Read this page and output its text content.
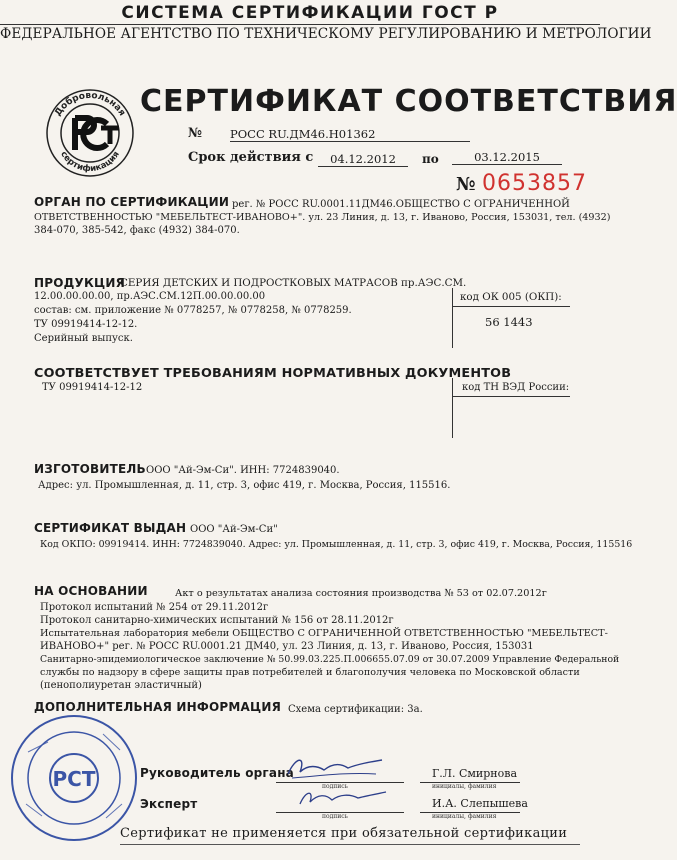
СИСТЕМА СЕРТИФИКАЦИИ ГОСТ Р
ФЕДЕРАЛЬНОЕ АГЕНТСТВО ПО ТЕХНИЧЕСКОМУ РЕГУЛИРОВАНИЮ И МЕТРОЛОГИИ
Добровольная
сертификация
СЕРТИФИКАТ СООТВЕТСТВИЯ
№ РОСС RU.ДМ46.Н01362
Срок действия с	04.12.2012	по	03.12.2015
№ 0653857
ОРГАН ПО СЕРТИФИКАЦИИ рег. № РОСС RU.0001.11ДМ46.ОБЩЕСТВО С ОГРАНИЧЕННОЙ
ОТВЕТСТВЕННОСТЬЮ "МЕБЕЛЬТЕСТ-ИВАНОВО+". ул. 23 Линия, д. 13, г. Иваново, Россия, 153031, тел. (4932)
384-070, 385-542, факс (4932) 384-070.
ПРОДУКЦИЯ
СЕРИЯ ДЕТСКИХ И ПОДРОСТКОВЫХ МАТРАСОВ пр.АЭС.СМ.
12.00.00.00.00, пр.АЭС.СМ.12П.00.00.00.00
состав: см. приложение № 0778257, № 0778258, № 0778259.
ТУ 09919414-12-12.
Серийный выпуск.
код ОК 005 (ОКП):
56 1443
СООТВЕТСТВУЕТ ТРЕБОВАНИЯМ НОРМАТИВНЫХ ДОКУМЕНТОВ
ТУ 09919414-12-12	код ТН ВЭД России:
ИЗГОТОВИТЕЛЬ ООО "Ай-Эм-Си". ИНН: 7724839040.
Адрес: ул. Промышленная, д. 11, стр. 3, офис 419, г. Москва, Россия, 115516.
СЕРТИФИКАТ ВЫДАН ООО "Ай-Эм-Си"
Код ОКПО: 09919414. ИНН: 7724839040. Адрес: ул. Промышленная, д. 11, стр. 3, офис 419, г. Москва, Россия, 115516
НА ОСНОВАНИИ	Акт о результатах анализа состояния производства № 53 от 02.07.2012г
Протокол испытаний № 254 от 29.11.2012г
Протокол санитарно-химических испытаний № 156 от 28.11.2012г
Испытательная лаборатория мебели ОБЩЕСТВО С ОГРАНИЧЕННОЙ ОТВЕТСТВЕННОСТЬЮ "МЕБЕЛЬТЕСТ-
ИВАНОВО+" рег. № РОСС RU.0001.21 ДМ40, ул. 23 Линия, д. 13, г. Иваново, Россия, 153031
Санитарно-эпидемиологическое заключение № 50.99.03.225.П.006655.07.09 от 30.07.2009 Управление Федеральной
службы по надзору в сфере защиты прав потребителей и благополучия человека по Московской области
(пенополиуретан эластичный)
ДОПОЛНИТЕЛЬНАЯ ИНФОРМАЦИЯ Схема сертификации: 3а.
PCT	Руководитель органа
подпись
Г.Л. Смирнова
инициалы, фамилия
Эксперт
подпись
И.А. Слепышева
инициалы, фамилия
Сертификат не применяется при обязательной сертификации
